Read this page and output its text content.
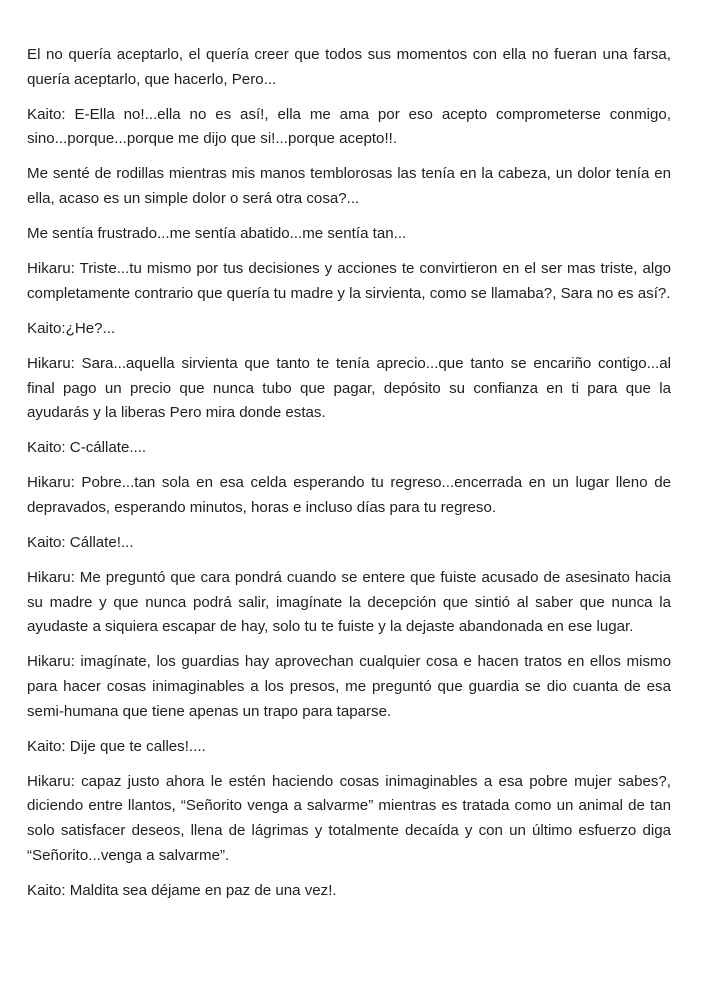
El no quería aceptarlo, el quería creer que todos sus momentos con ella no fueran una farsa, quería aceptarlo, que hacerlo, Pero...

Kaito: E-Ella no!...ella no es así!, ella me ama por eso acepto comprometerse conmigo, sino...porque...porque me dijo que si!...porque acepto!!.

Me senté de rodillas mientras mis manos temblorosas las tenía en la cabeza, un dolor tenía en ella, acaso es un simple dolor o será otra cosa?...

Me sentía frustrado...me sentía abatido...me sentía tan...

Hikaru: Triste...tu mismo por tus decisiones y acciones te convirtieron en el ser mas triste, algo completamente contrario que quería tu madre y la sirvienta, como se llamaba?, Sara no es así?.

Kaito:¿He?...

Hikaru: Sara...aquella sirvienta que tanto te tenía aprecio...que tanto se encariño contigo...al final pago un precio que nunca tubo que pagar, depósito su confianza en ti para que la ayudarás y la liberas Pero mira donde estas.

Kaito: C-cállate....

Hikaru: Pobre...tan sola en esa celda esperando tu regreso...encerrada en un lugar lleno de depravados, esperando minutos, horas e incluso días para tu regreso.

Kaito: Cállate!...

Hikaru: Me preguntó que cara pondrá cuando se entere que fuiste acusado de asesinato hacia su madre y que nunca podrá salir, imagínate la decepción que sintió al saber que nunca la ayudaste a siquiera escapar de hay, solo tu te fuiste y la dejaste abandonada en ese lugar.

Hikaru: imagínate, los guardias hay aprovechan cualquier cosa e hacen tratos en ellos mismo para hacer cosas inimaginables a los presos, me preguntó que guardia se dio cuanta de esa semi-humana que tiene apenas un trapo para taparse.

Kaito: Dije que te calles!....

Hikaru: capaz justo ahora le estén haciendo cosas inimaginables a esa pobre mujer sabes?, diciendo entre llantos, “Señorito venga a salvarme” mientras es tratada como un animal de tan solo satisfacer deseos, llena de lágrimas y totalmente decaída y con un último esfuerzo diga “Señorito...venga a salvarme”.

Kaito: Maldita sea déjame en paz de una vez!.
